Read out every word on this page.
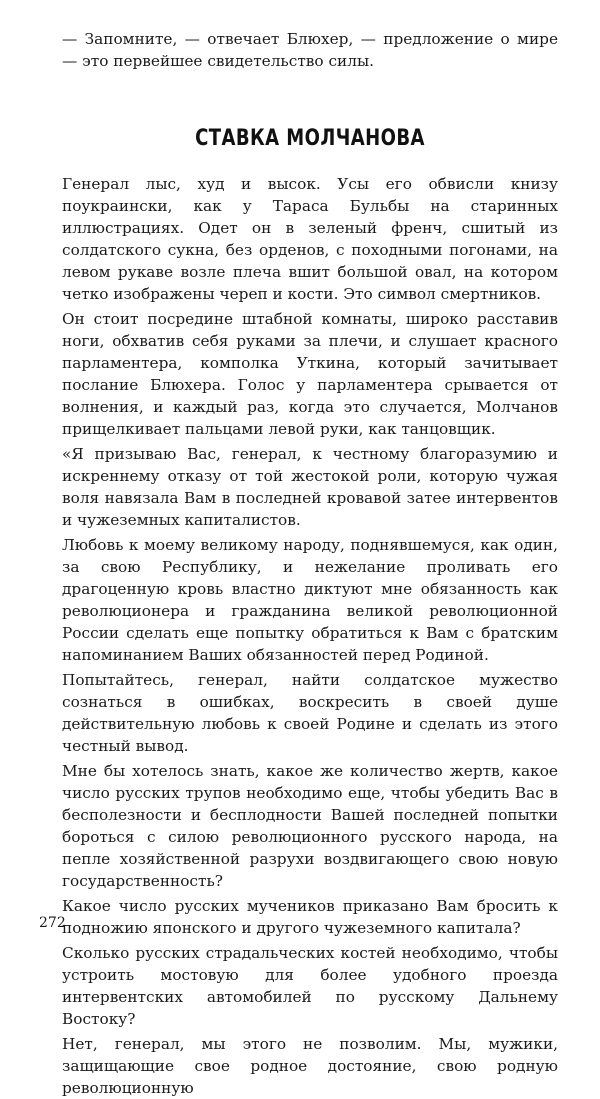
— Запомните, — отвечает Блюхер, — предложение о мире — это первейшее свидетельство силы.

СТАВКА МОЛЧАНОВА

Генерал лыс, худ и высок. Усы его обвисли книзу поукраински, как у Тараса Бульбы на старинных иллюстрациях. Одет он в зеленый френч, сшитый из солдатского сукна, без орденов, с походными погонами, на левом рукаве возле плеча вшит большой овал, на котором четко изображены череп и кости. Это символ смертников.

Он стоит посредине штабной комнаты, широко расставив ноги, обхватив себя руками за плечи, и слушает красного парламентера, комполка Уткина, который зачитывает послание Блюхера. Голос у парламентера срывается от волнения, и каждый раз, когда это случается, Молчанов прищелкивает пальцами левой руки, как танцовщик.

«Я призываю Вас, генерал, к честному благоразумию и искреннему отказу от той жестокой роли, которую чужая воля навязала Вам в последней кровавой затее интервентов и чужеземных капиталистов.

Любовь к моему великому народу, поднявшемуся, как один, за свою Республику, и нежелание проливать его драгоценную кровь властно диктуют мне обязанность как революционера и гражданина великой революционной России сделать еще попытку обратиться к Вам с братским напоминанием Ваших обязанностей перед Родиной.

Попытайтесь, генерал, найти солдатское мужество сознаться в ошибках, воскресить в своей душе действительную любовь к своей Родине и сделать из этого честный вывод.

Мне бы хотелось знать, какое же количество жертв, какое число русских трупов необходимо еще, чтобы убедить Вас в бесполезности и бесплодности Вашей последней попытки бороться с силою революционного русского народа, на пепле хозяйственной разрухи воздвигающего свою новую государственность?

Какое число русских мучеников приказано Вам бросить к подножию японского и другого чужеземного капитала?

Сколько русских страдальческих костей необходимо, чтобы устроить мостовую для более удобного проезда интервентских автомобилей по русскому Дальнему Востоку?

Нет, генерал, мы этого не позволим. Мы, мужики, защищающие свое родное достояние, свою родную революционную

272
